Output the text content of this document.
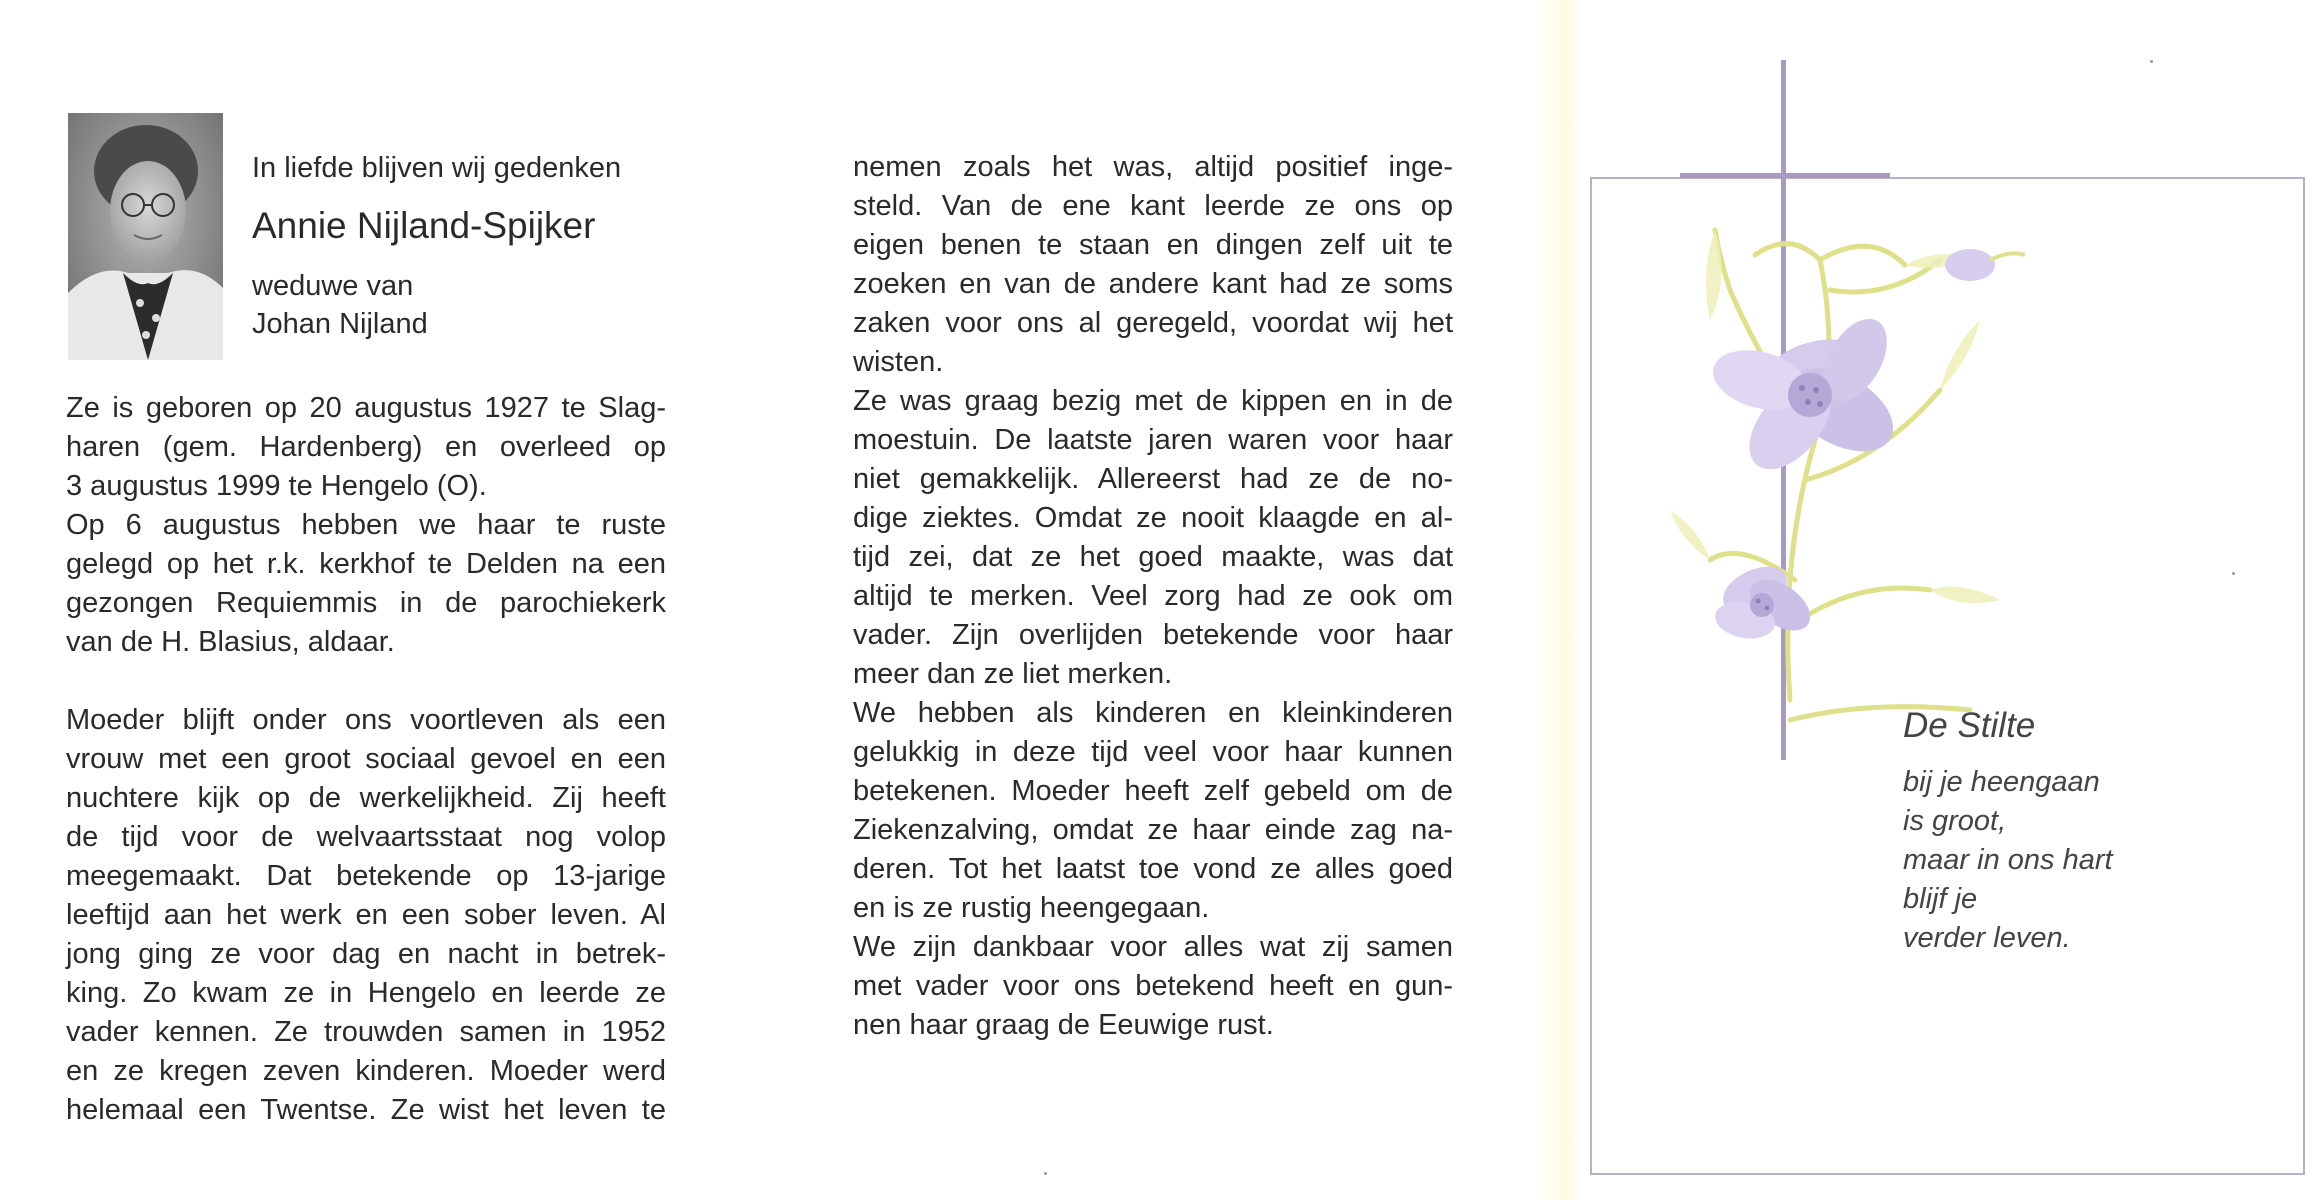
In liefde blijven wij gedenken
Annie Nijland-Spijker
weduwe van
Johan Nijland
Ze is geboren op 20 augustus 1927 te Slag-
haren (gem. Hardenberg) en overleed op
3 augustus 1999 te Hengelo (O).
Op 6 augustus hebben we haar te ruste
gelegd op het r.k. kerkhof te Delden na een
gezongen Requiemmis in de parochiekerk
van de H. Blasius, aldaar.
Moeder blijft onder ons voortleven als een
vrouw met een groot sociaal gevoel en een
nuchtere kijk op de werkelijkheid. Zij heeft
de tijd voor de welvaartsstaat nog volop
meegemaakt. Dat betekende op 13-jarige
leeftijd aan het werk en een sober leven. Al
jong ging ze voor dag en nacht in betrek-
king. Zo kwam ze in Hengelo en leerde ze
vader kennen. Ze trouwden samen in 1952
en ze kregen zeven kinderen. Moeder werd
helemaal een Twentse. Ze wist het leven te
nemen zoals het was, altijd positief inge-
steld. Van de ene kant leerde ze ons op
eigen benen te staan en dingen zelf uit te
zoeken en van de andere kant had ze soms
zaken voor ons al geregeld, voordat wij het
wisten.
Ze was graag bezig met de kippen en in de
moestuin. De laatste jaren waren voor haar
niet gemakkelijk. Allereerst had ze de no-
dige ziektes. Omdat ze nooit klaagde en al-
tijd zei, dat ze het goed maakte, was dat
altijd te merken. Veel zorg had ze ook om
vader. Zijn overlijden betekende voor haar
meer dan ze liet merken.
We hebben als kinderen en kleinkinderen
gelukkig in deze tijd veel voor haar kunnen
betekenen. Moeder heeft zelf gebeld om de
Ziekenzalving, omdat ze haar einde zag na-
deren. Tot het laatst toe vond ze alles goed
en is ze rustig heengegaan.
We zijn dankbaar voor alles wat zij samen
met vader voor ons betekend heeft en gun-
nen haar graag de Eeuwige rust.
De Stilte
bij je heengaan
is groot,
maar in ons hart
blijf je
verder leven.
